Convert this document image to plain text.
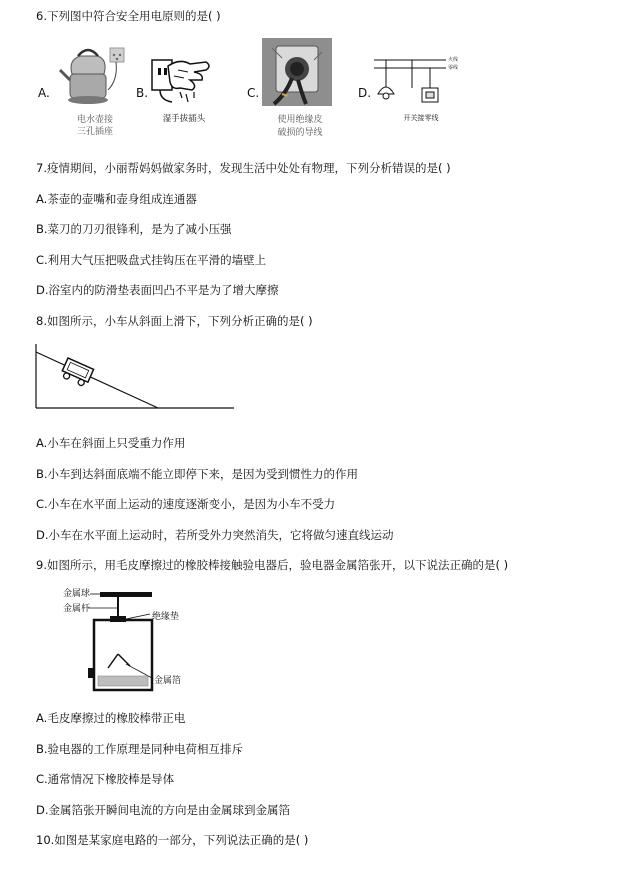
6.下列图中符合安全用电原则的是( )
A.
电水壶接
三孔插座
B.
湿手拔插头
C.
使用绝缘皮
破损的导线
D.
火线
零线
开关接零线
7.疫情期间，小丽帮妈妈做家务时，发现生活中处处有物理，下列分析错误的是( )
A.茶壶的壶嘴和壶身组成连通器
B.菜刀的刀刃很锋利，是为了减小压强
C.利用大气压把吸盘式挂钩压在平滑的墙壁上
D.浴室内的防滑垫表面凹凸不平是为了增大摩擦
8.如图所示，小车从斜面上滑下，下列分析正确的是( )
A.小车在斜面上只受重力作用
B.小车到达斜面底端不能立即停下来，是因为受到惯性力的作用
C.小车在水平面上运动的速度逐渐变小，是因为小车不受力
D.小车在水平面上运动时，若所受外力突然消失，它将做匀速直线运动
9.如图所示，用毛皮摩擦过的橡胶棒接触验电器后，验电器金属箔张开，以下说法正确的是( )
金属球
金属杆
绝缘垫
金属箔
A.毛皮摩擦过的橡胶棒带正电
B.验电器的工作原理是同种电荷相互排斥
C.通常情况下橡胶棒是导体
D.金属箔张开瞬间电流的方向是由金属球到金属箔
10.如图是某家庭电路的一部分，下列说法正确的是( )
